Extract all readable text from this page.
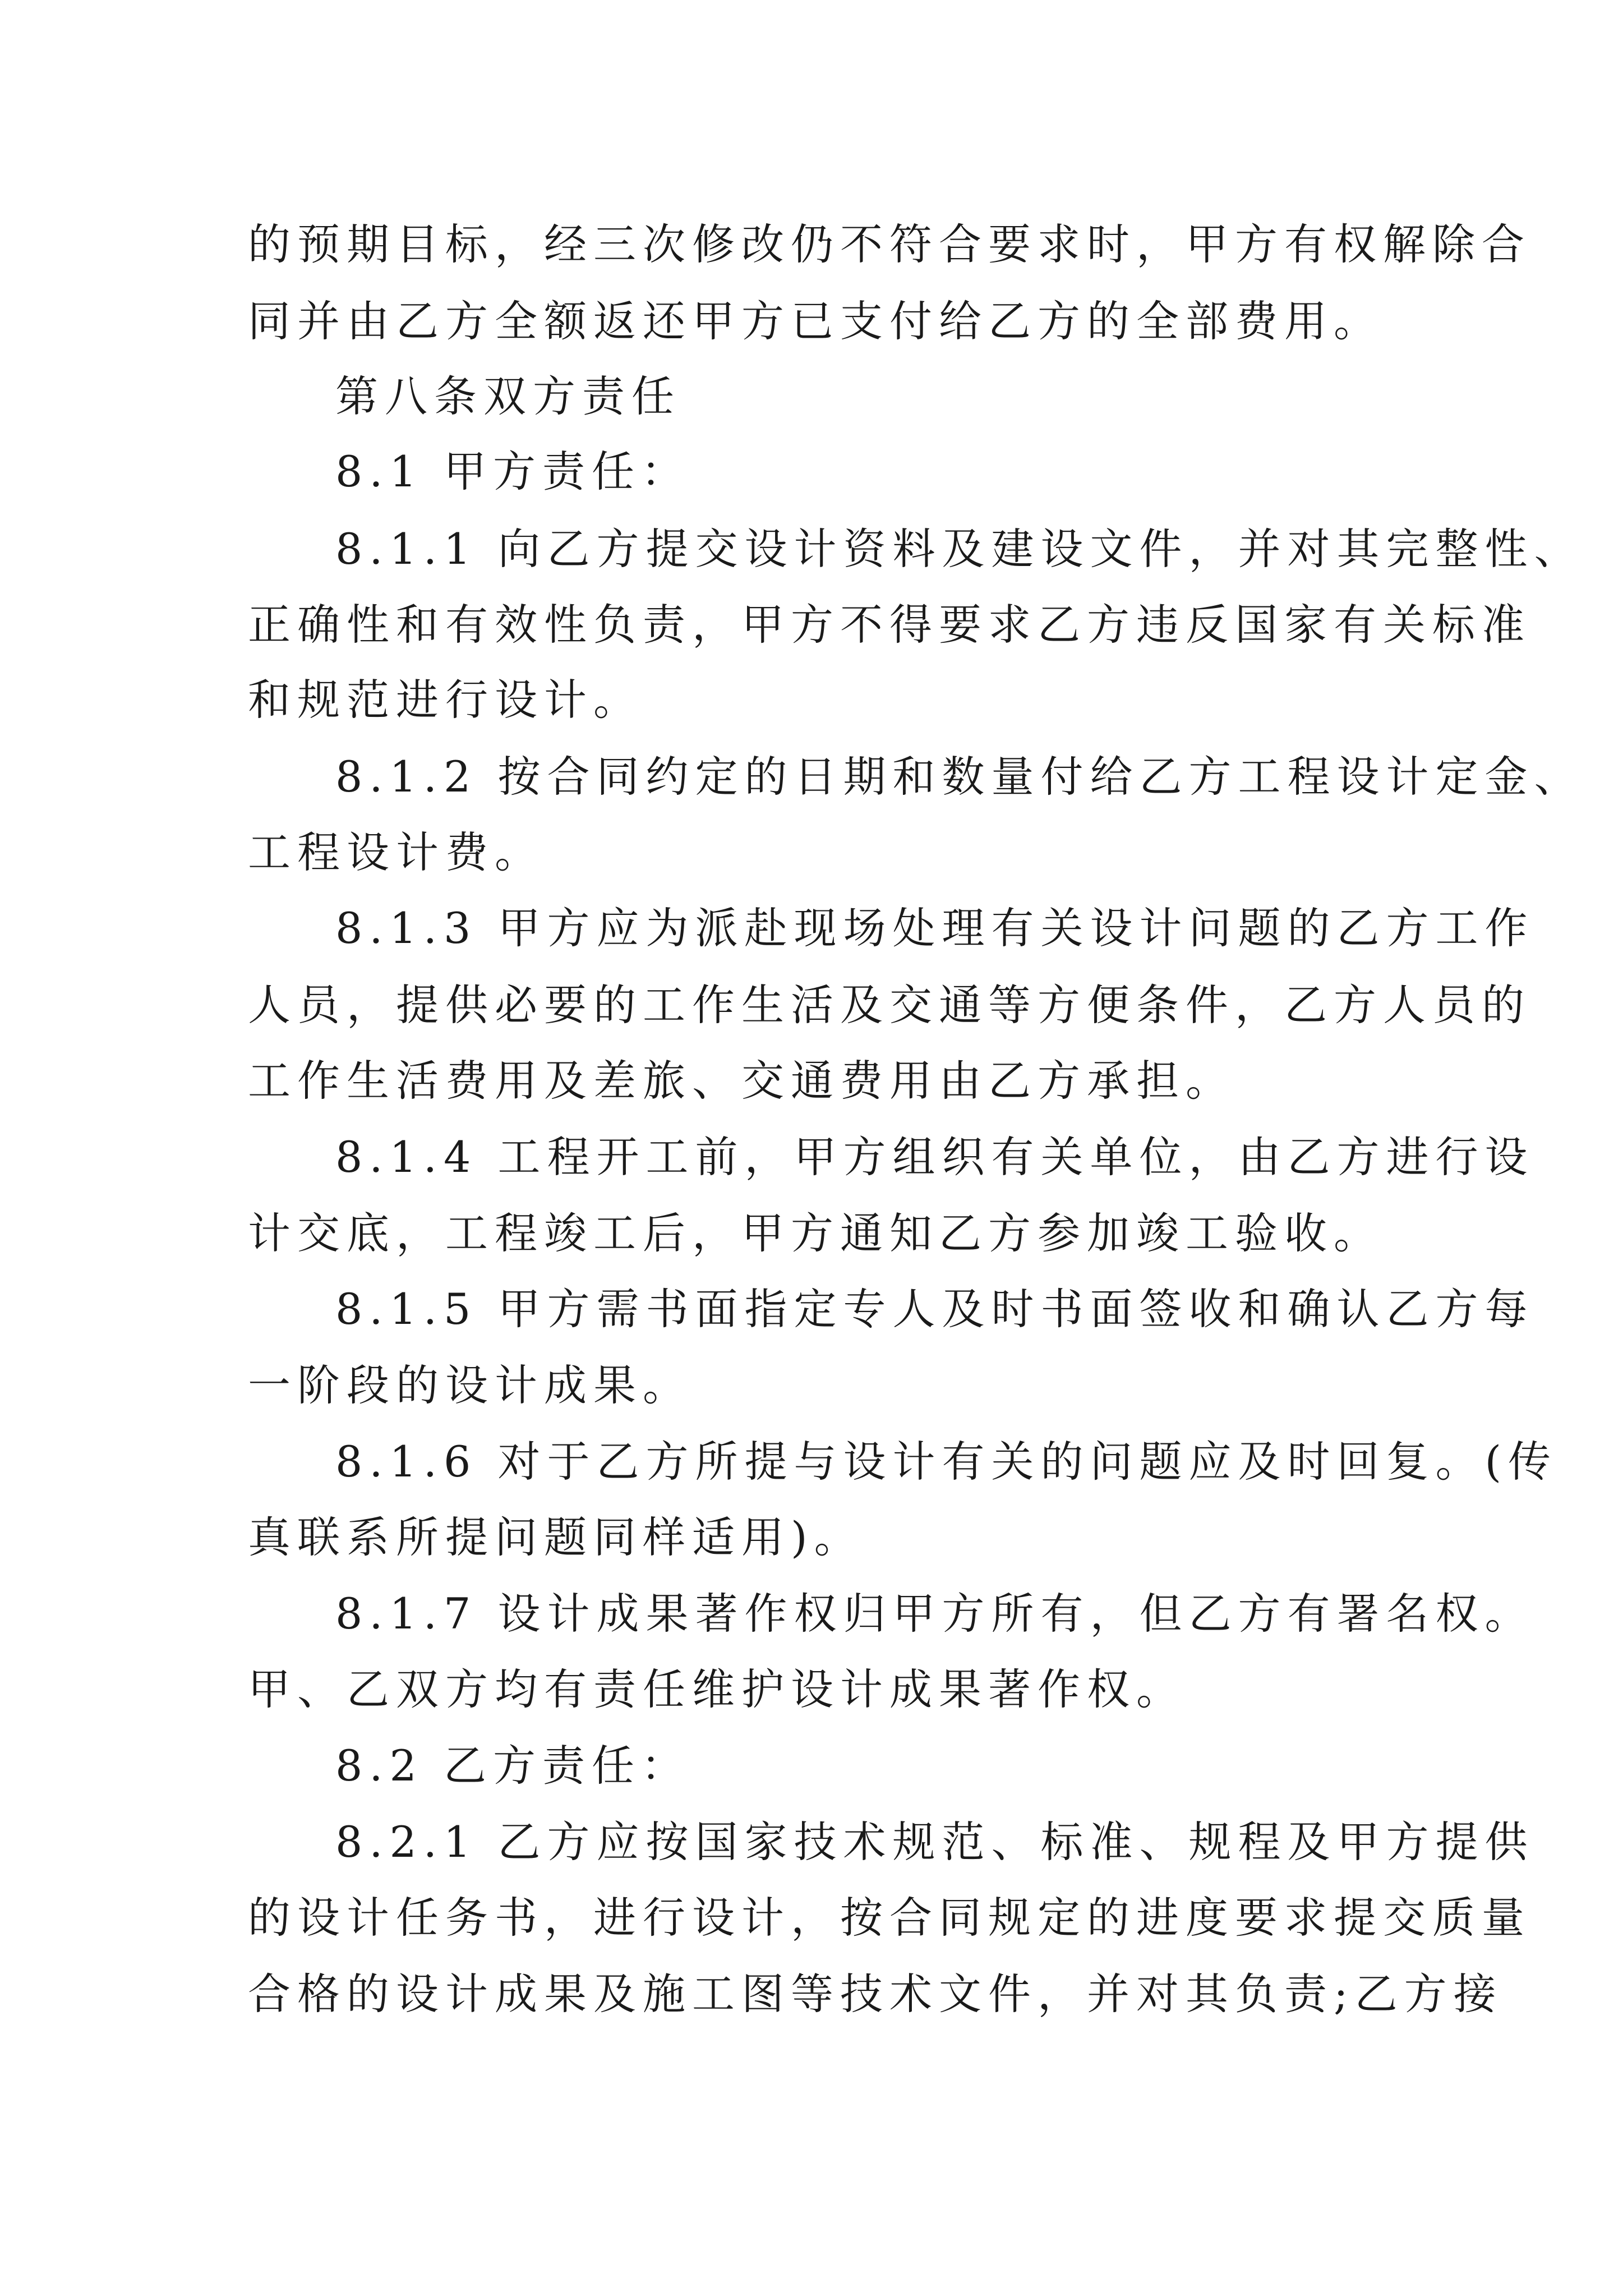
的预期目标，经三次修改仍不符合要求时，甲方有权解除合
同并由乙方全额返还甲方已支付给乙方的全部费用。
第八条双方责任
8.1 甲方责任：
8.1.1 向乙方提交设计资料及建设文件，并对其完整性、
正确性和有效性负责，甲方不得要求乙方违反国家有关标准
和规范进行设计。
8.1.2 按合同约定的日期和数量付给乙方工程设计定金、
工程设计费。
8.1.3 甲方应为派赴现场处理有关设计问题的乙方工作
人员，提供必要的工作生活及交通等方便条件，乙方人员的
工作生活费用及差旅、交通费用由乙方承担。
8.1.4 工程开工前，甲方组织有关单位，由乙方进行设
计交底，工程竣工后，甲方通知乙方参加竣工验收。
8.1.5 甲方需书面指定专人及时书面签收和确认乙方每
一阶段的设计成果。
8.1.6 对于乙方所提与设计有关的问题应及时回复。(传
真联系所提问题同样适用)。
8.1.7 设计成果著作权归甲方所有，但乙方有署名权。
甲、乙双方均有责任维护设计成果著作权。
8.2 乙方责任：
8.2.1 乙方应按国家技术规范、标准、规程及甲方提供
的设计任务书，进行设计，按合同规定的进度要求提交质量
合格的设计成果及施工图等技术文件，并对其负责;乙方接
